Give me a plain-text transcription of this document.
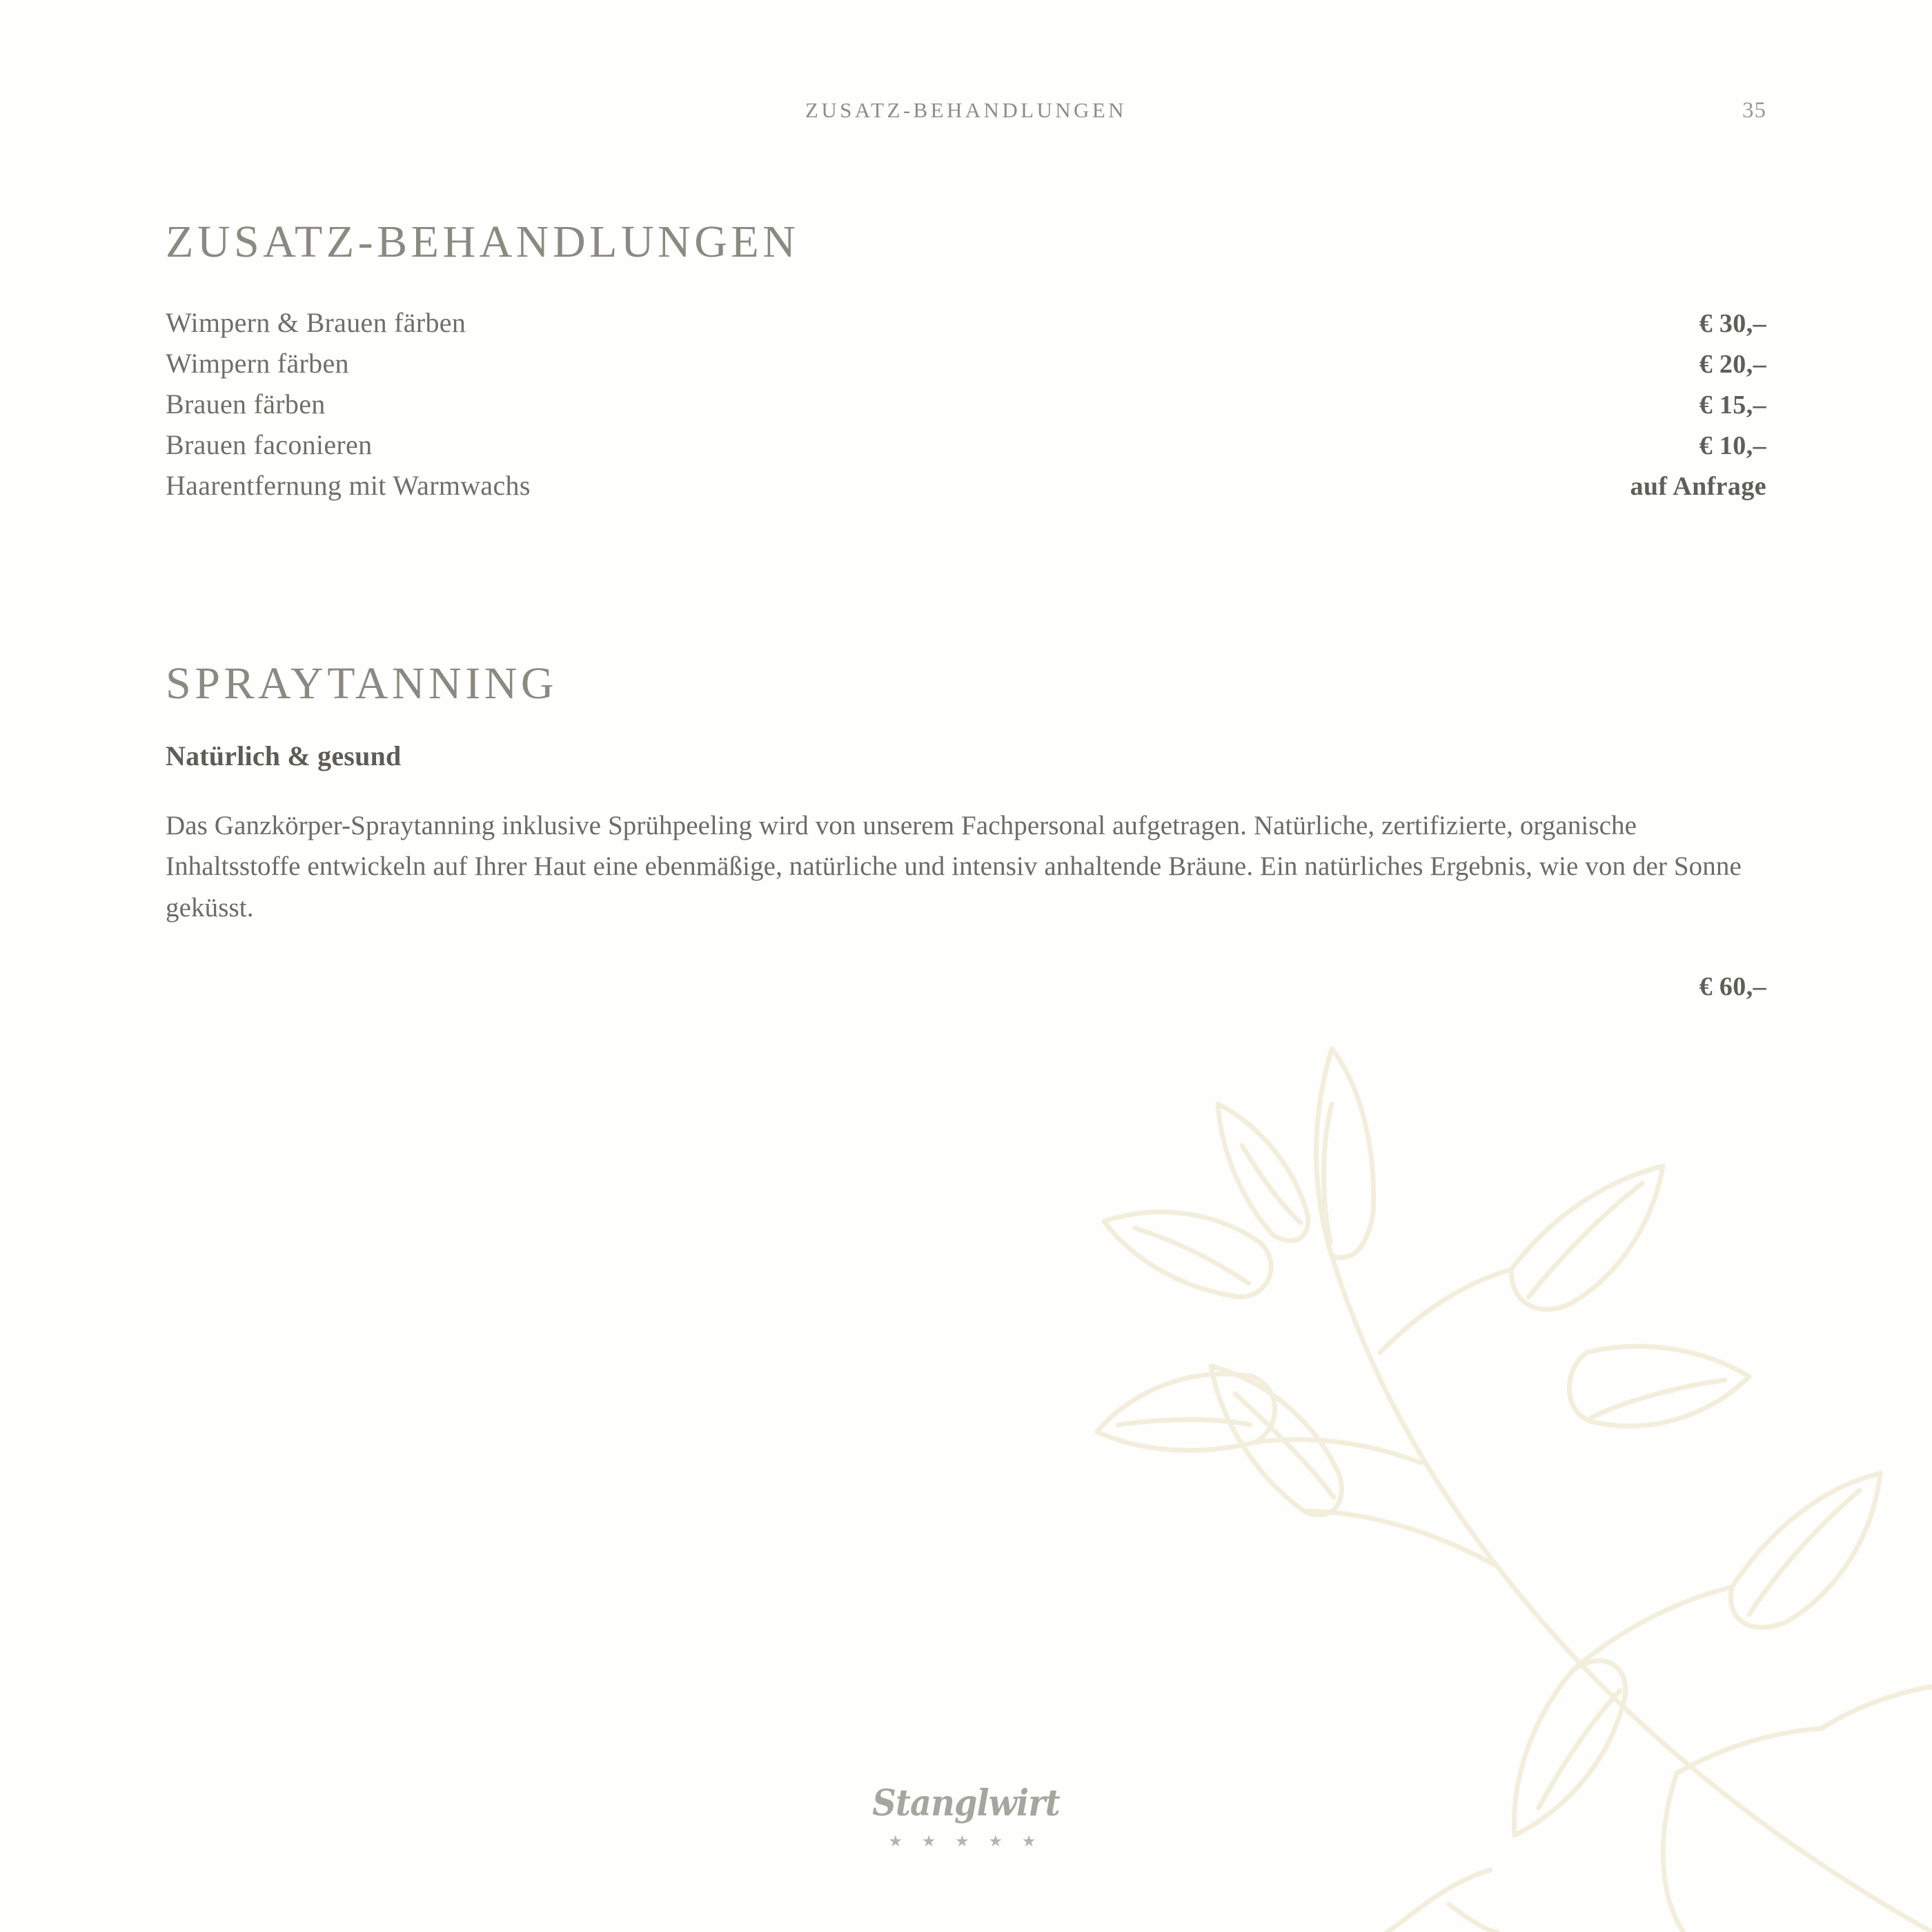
ZUSATZ-BEHANDLUNGEN	35
ZUSATZ-BEHANDLUNGEN
Wimpern & Brauen färben	€ 30,–
Wimpern färben	€ 20,–
Brauen färben	€ 15,–
Brauen faconieren	€ 10,–
Haarentfernung mit Warmwachs	auf Anfrage
SPRAYTANNING
Natürlich & gesund

Das Ganzkörper-Spraytanning inklusive Sprühpeeling wird von unserem Fachpersonal aufgetragen. Natürliche, zertifizierte, organische Inhaltsstoffe entwickeln auf Ihrer Haut eine ebenmäßige, natürliche und intensiv anhaltende Bräune. Ein natürliches Ergebnis, wie von der Sonne geküsst.

€ 60,–
Stanglwirt
★ ★ ★ ★ ★
